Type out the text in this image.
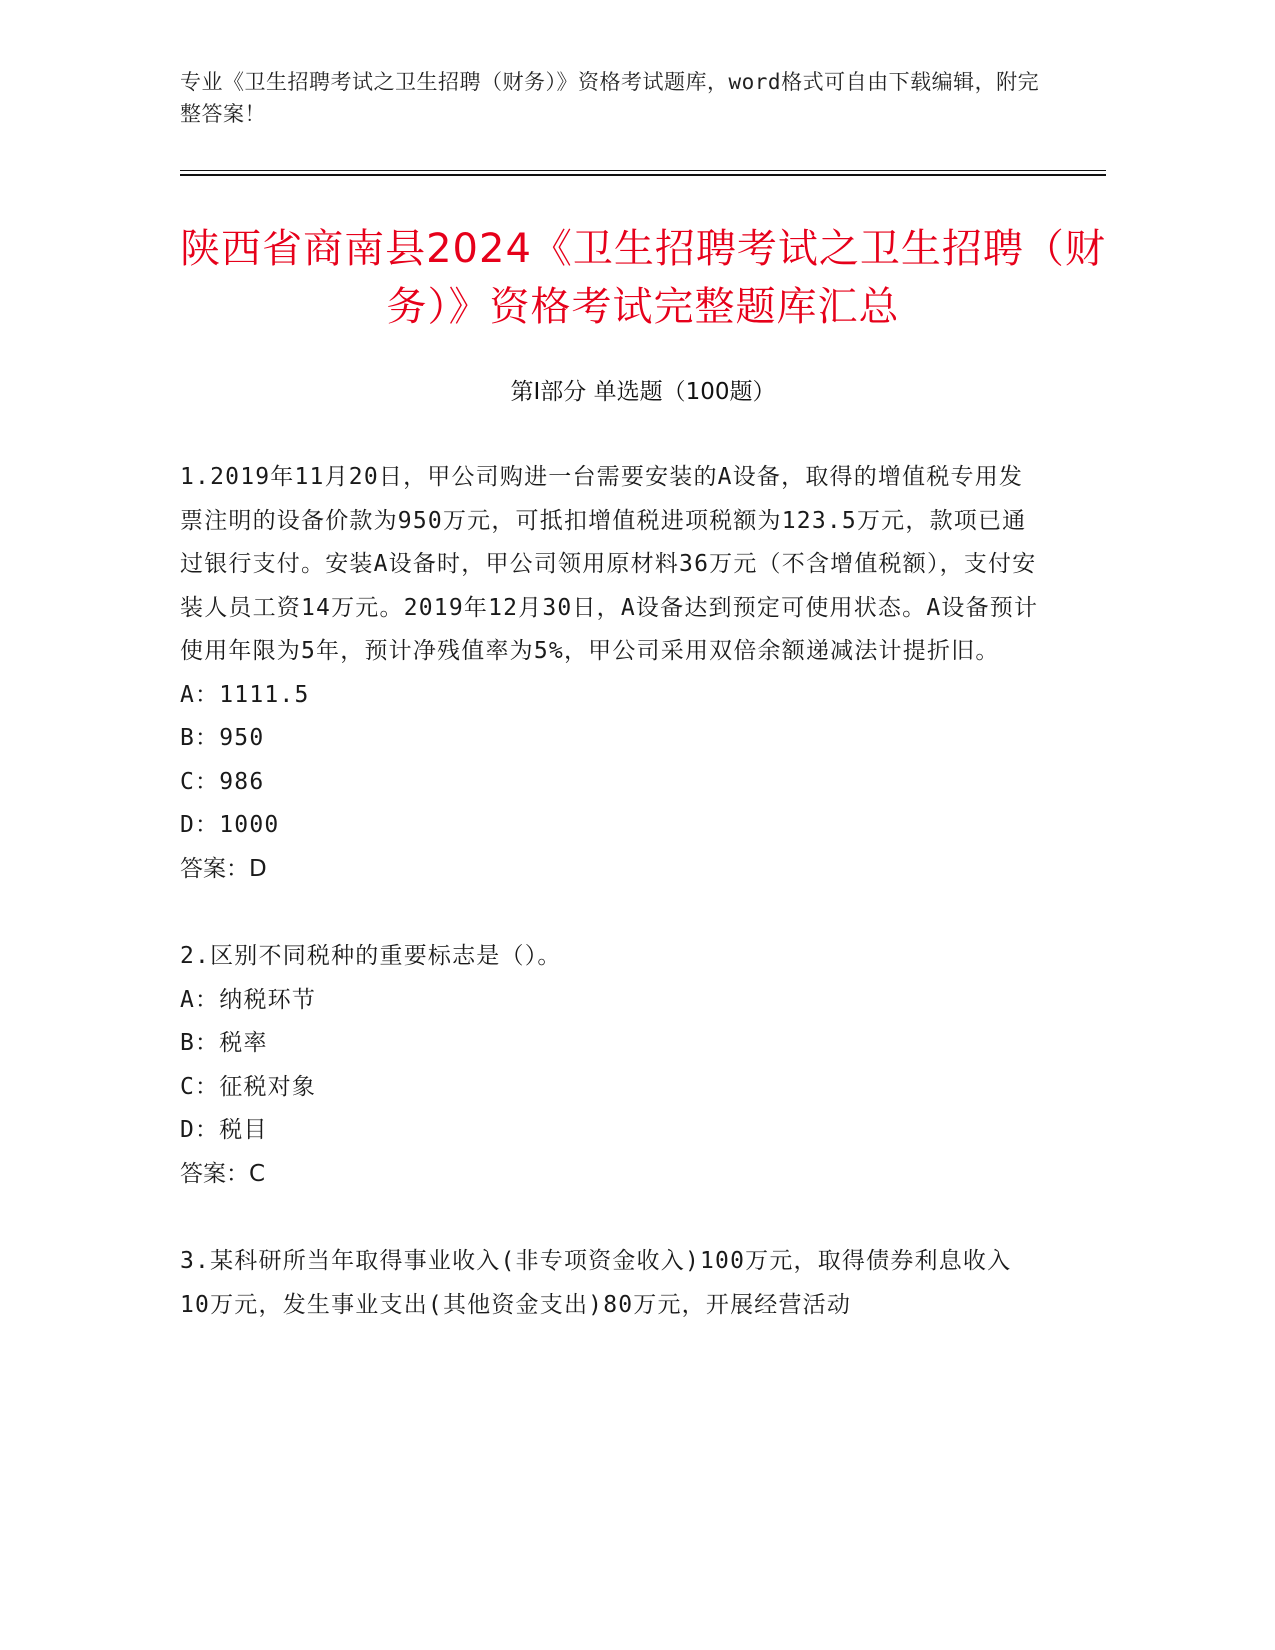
专业《卫生招聘考试之卫生招聘（财务）》资格考试题库，word格式可自由下载编辑，附完整答案！
陕西省商南县2024《卫生招聘考试之卫生招聘（财务）》资格考试完整题库汇总
第Ⅰ部分 单选题（100题）

1.2019年11月20日，甲公司购进一台需要安装的A设备，取得的增值税专用发票注明的设备价款为950万元，可抵扣增值税进项税额为123.5万元，款项已通过银行支付。安装A设备时，甲公司领用原材料36万元（不含增值税额），支付安装人员工资14万元。2019年12月30日，A设备达到预定可使用状态。A设备预计使用年限为5年，预计净残值率为5%，甲公司采用双倍余额递减法计提折旧。

A：1111.5

B：950

C：986

D：1000

答案：D

2.区别不同税种的重要标志是（）。

A：纳税环节

B：税率

C：征税对象

D：税目

答案：C

3.某科研所当年取得事业收入(非专项资金收入)100万元，取得债券利息收入10万元，发生事业支出(其他资金支出)80万元，开展经营活动
